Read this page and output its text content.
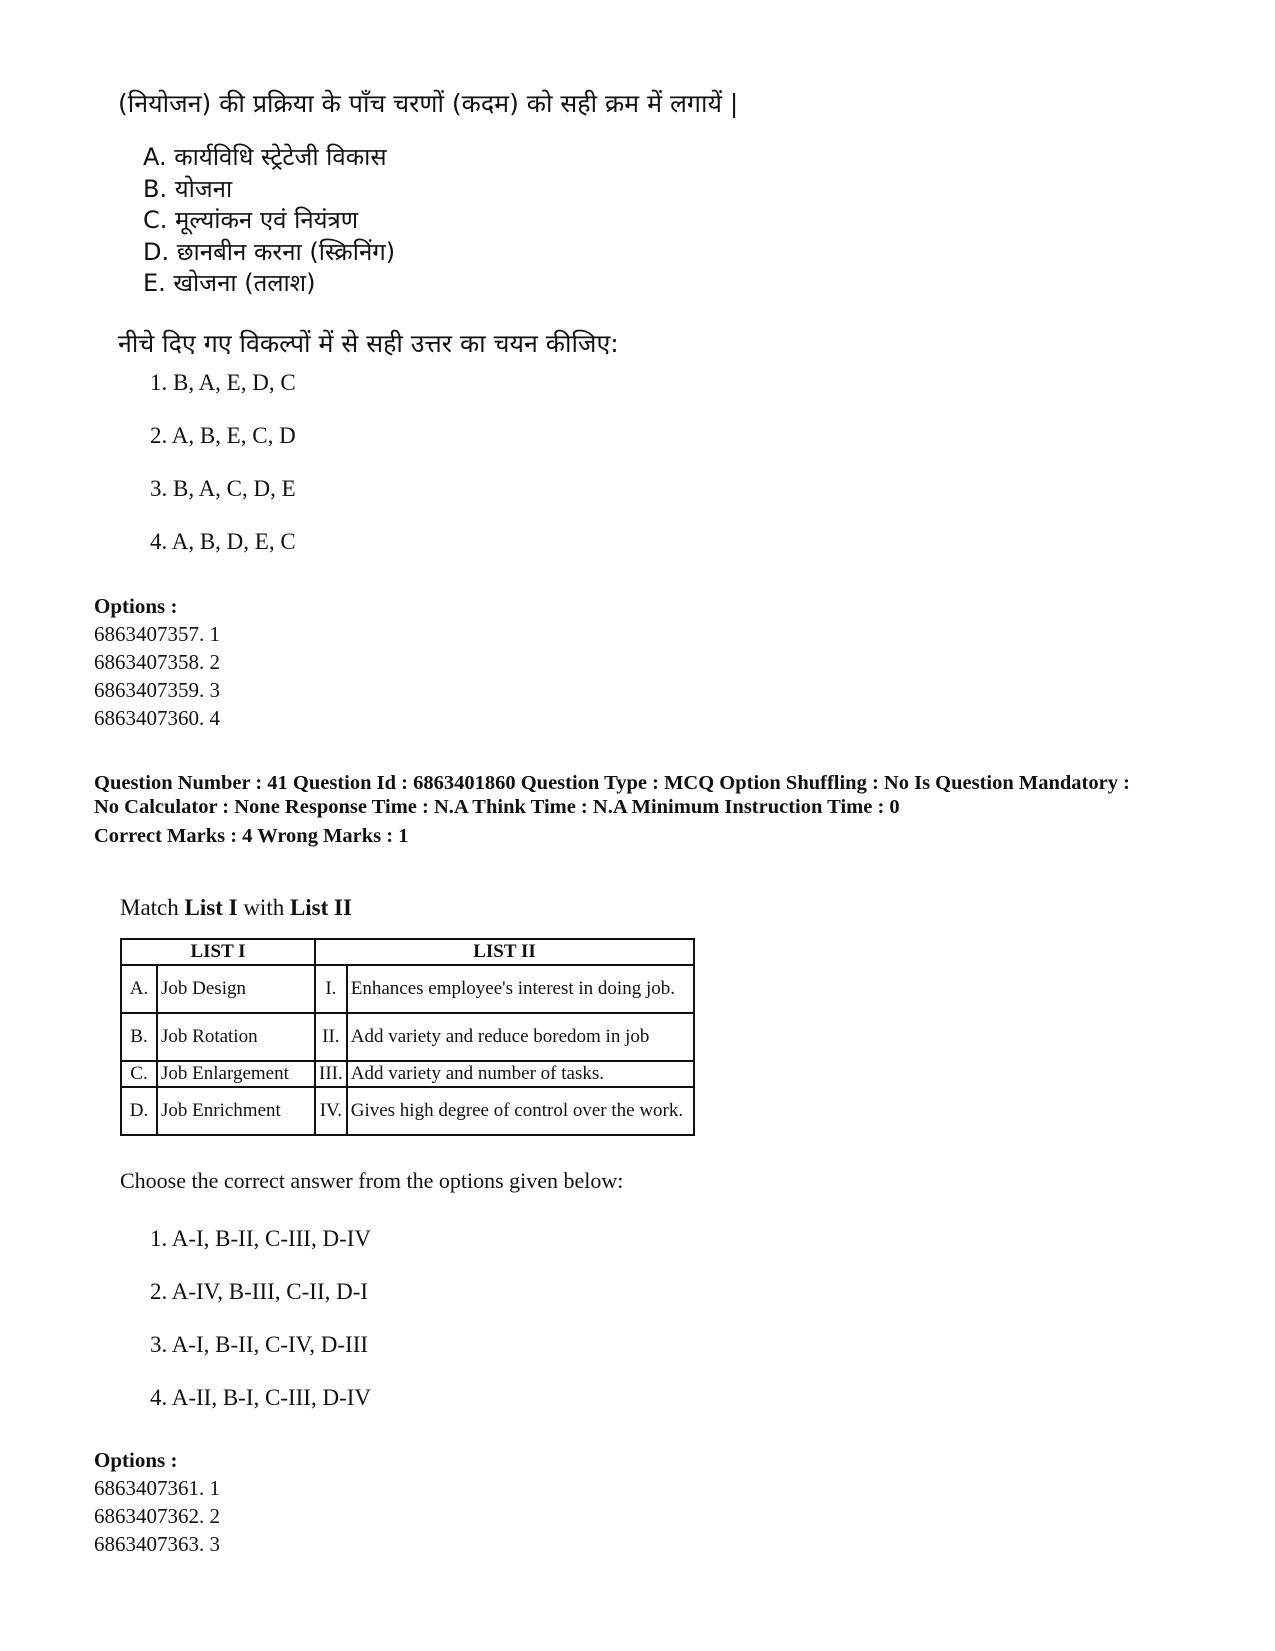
(नियोजन) की प्रक्रिया के पाँच चरणों (कदम) को सही क्रम में लगायें |
A. कार्यविधि स्ट्रेटेजी विकास
B. योजना
C. मूल्यांकन एवं नियंत्रण
D. छानबीन करना (स्क्रिनिंग)
E. खोजना (तलाश)
नीचे दिए गए विकल्पों में से सही उत्तर का चयन कीजिए:
1. B, A, E, D, C
2. A, B, E, C, D
3. B, A, C, D, E
4. A, B, D, E, C
Options :
6863407357. 1
6863407358. 2
6863407359. 3
6863407360. 4
Question Number : 41 Question Id : 6863401860 Question Type : MCQ Option Shuffling : No Is Question Mandatory :
No Calculator : None Response Time : N.A Think Time : N.A Minimum Instruction Time : 0
Correct Marks : 4 Wrong Marks : 1
Match List I with List II
LIST I		LIST II	
A.	Job Design	I.	Enhances employee's interest in doing job.
B.	Job Rotation	II.	Add variety and reduce boredom in job
C.	Job Enlargement	III.	Add variety and number of tasks.
D.	Job Enrichment	IV.	Gives high degree of control over the work.
Choose the correct answer from the options given below:
1. A-I, B-II, C-III, D-IV
2. A-IV, B-III, C-II, D-I
3. A-I, B-II, C-IV, D-III
4. A-II, B-I, C-III, D-IV
Options :
6863407361. 1
6863407362. 2
6863407363. 3
